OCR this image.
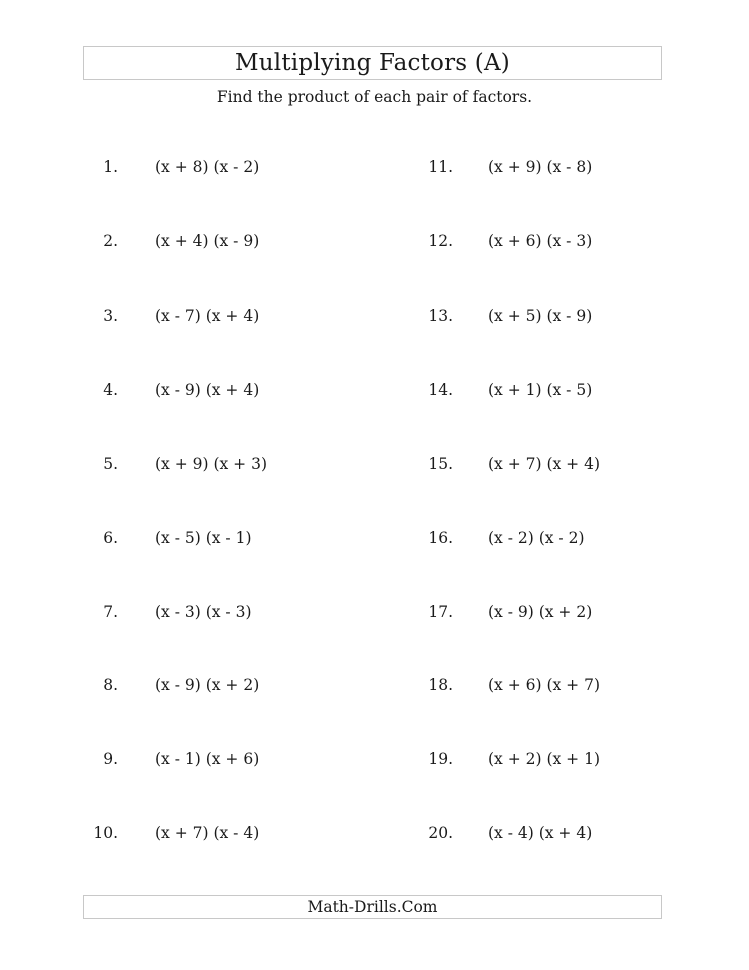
Multiplying Factors (A)
Find the product of each pair of factors.
1. (x + 8) (x - 2)
2. (x + 4) (x - 9)
3. (x - 7) (x + 4)
4. (x - 9) (x + 4)
5. (x + 9) (x + 3)
6. (x - 5) (x - 1)
7. (x - 3) (x - 3)
8. (x - 9) (x + 2)
9. (x - 1) (x + 6)
10. (x + 7) (x - 4)
11. (x + 9) (x - 8)
12. (x + 6) (x - 3)
13. (x + 5) (x - 9)
14. (x + 1) (x - 5)
15. (x + 7) (x + 4)
16. (x - 2) (x - 2)
17. (x - 9) (x + 2)
18. (x + 6) (x + 7)
19. (x + 2) (x + 1)
20. (x - 4) (x + 4)
Math-Drills.Com
